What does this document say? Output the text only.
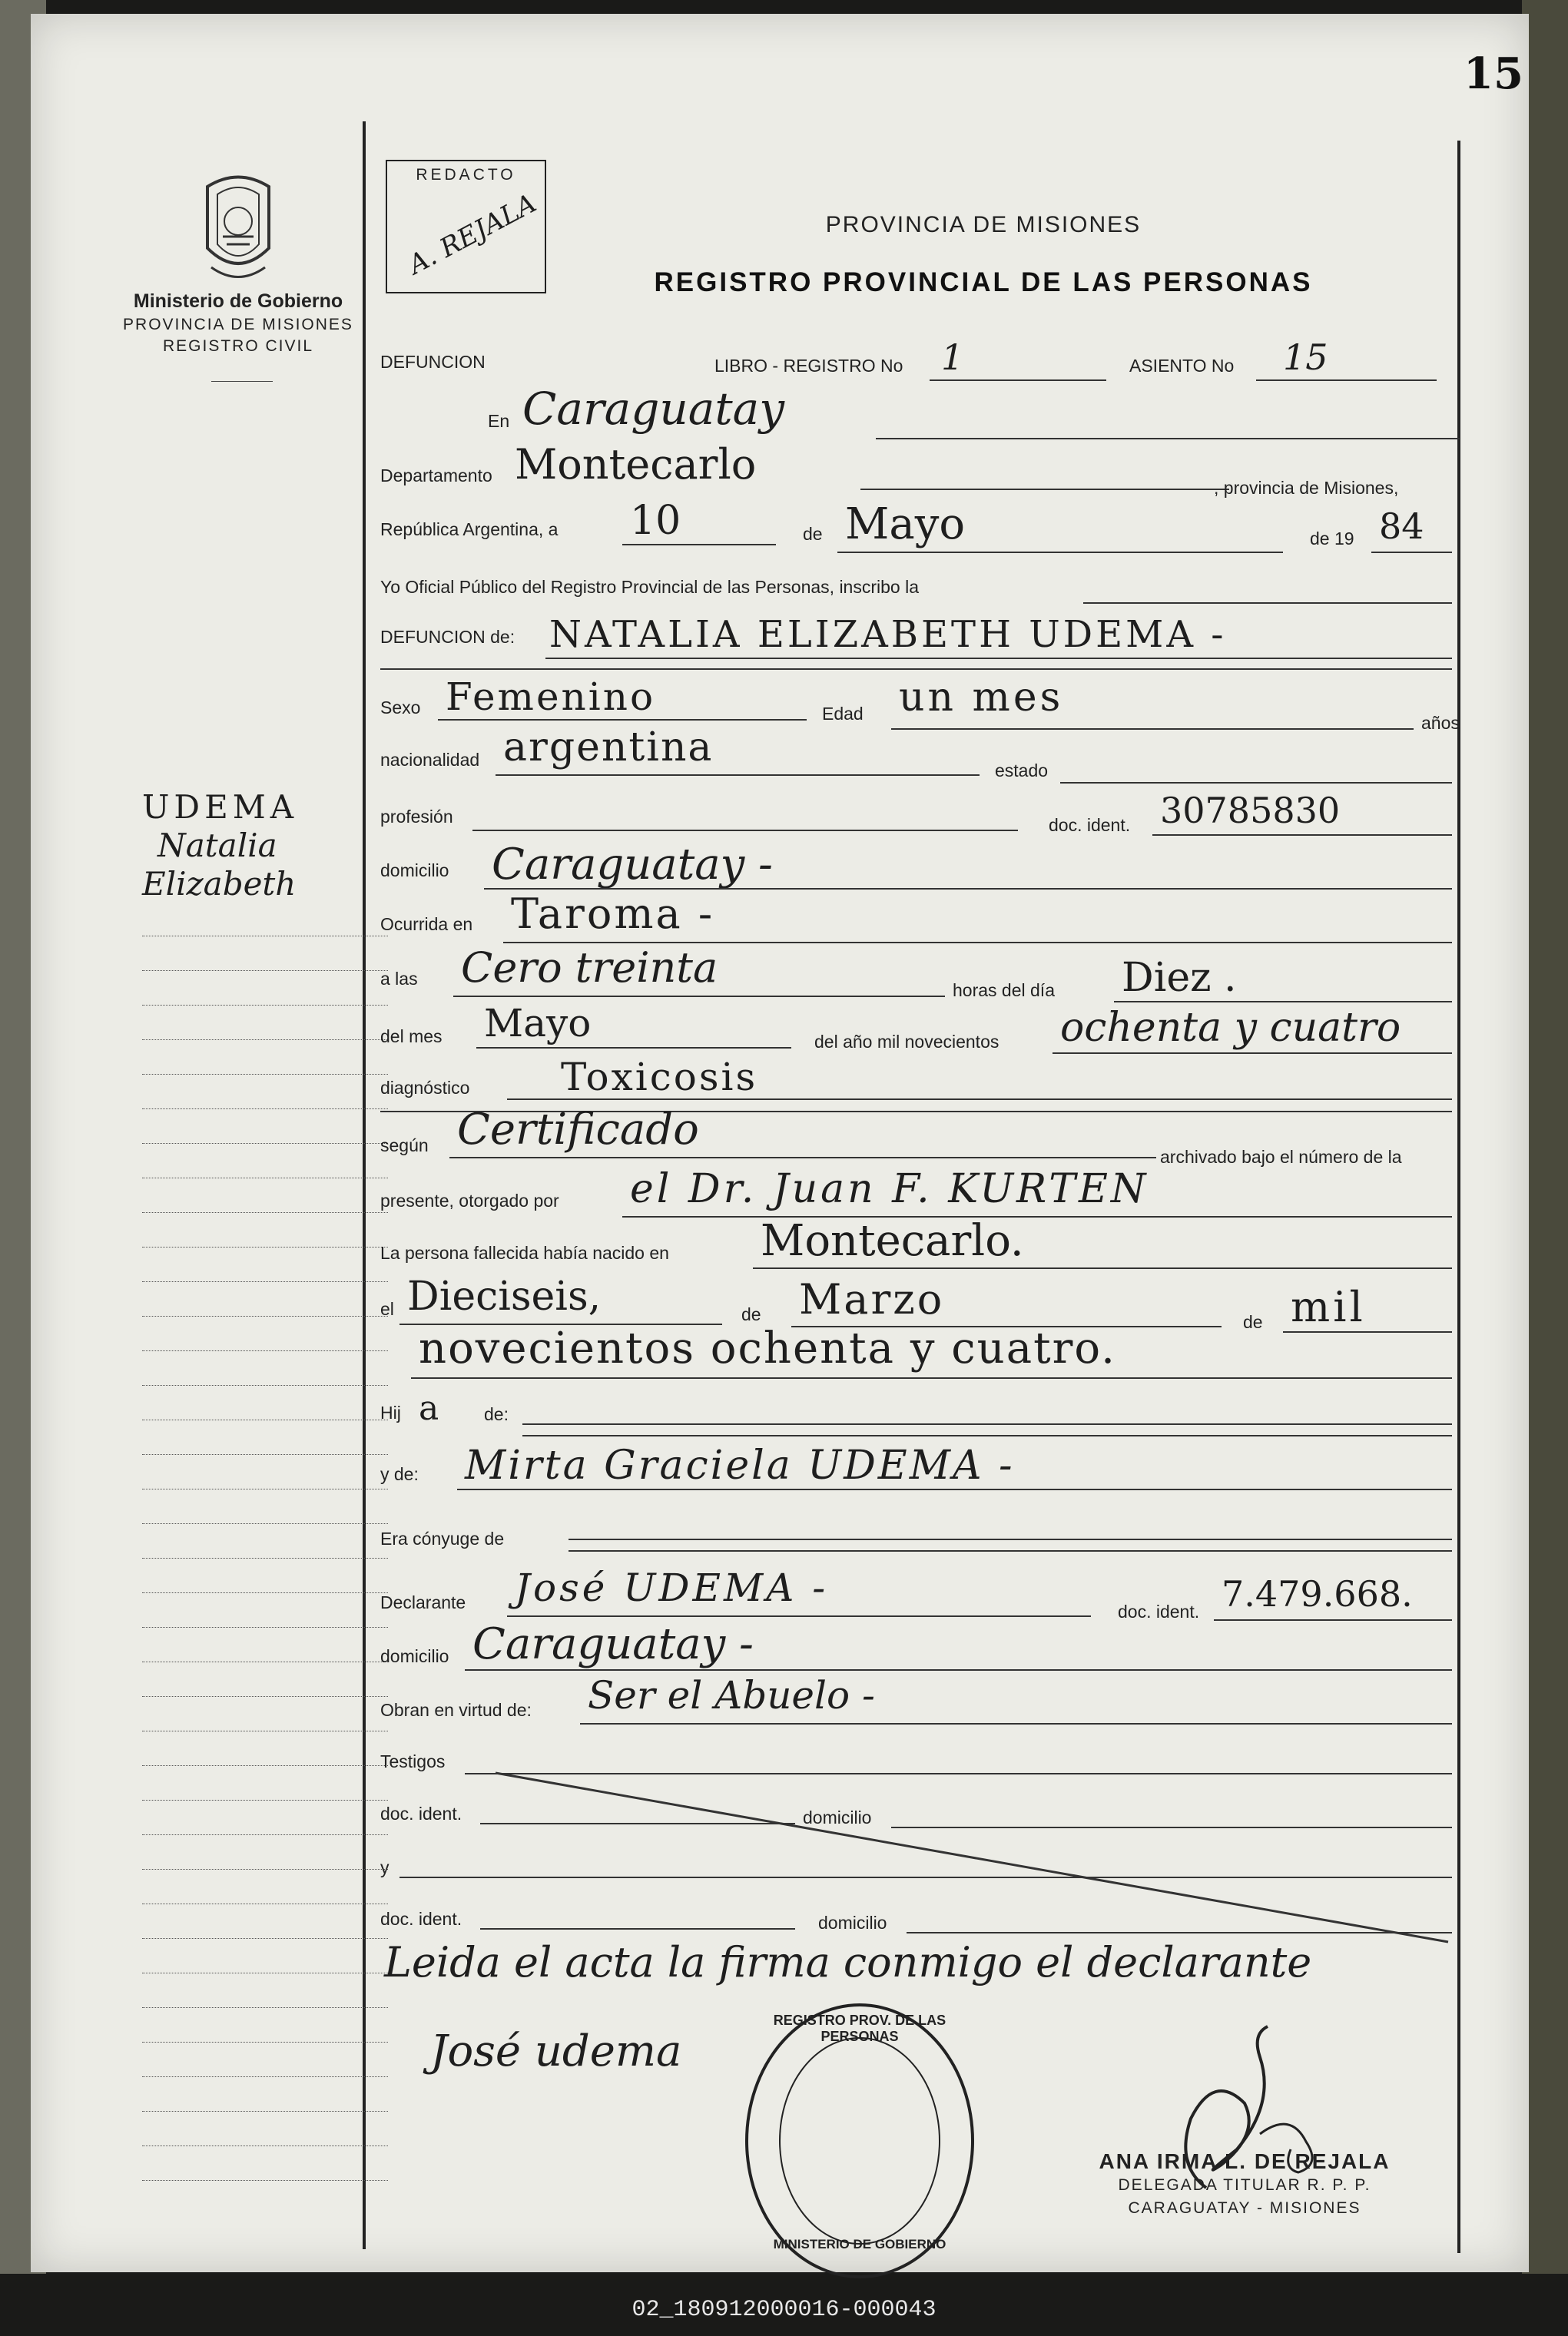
15
Ministerio de Gobierno
PROVINCIA DE MISIONES
REGISTRO CIVIL
REDACTO
A. REJALA	PROVINCIA DE MISIONES
REGISTRO PROVINCIAL DE LAS PERSONAS
UDEMA
Natalia
Elizabeth
DEFUNCION	LIBRO - REGISTRO No 1	ASIENTO No 15
En Caraguatay
Departamento Montecarlo	, provincia de Misiones,
República Argentina, a 10	de Mayo	de 19 84
Yo Oficial Público del Registro Provincial de las Personas, inscribo la
DEFUNCION de: NATALIA ELIZABETH UDEMA -
Sexo Femenino	Edad un mes
años
nacionalidad argentina	estado
profesión	doc. ident. 30785830
domicilio Caraguatay -
Ocurrida en Taroma -
a las Cero treinta	horas del día Diez .
del mes Mayo	del año mil novecientos ochenta y cuatro
diagnóstico Toxicosis
según Certificado
archivado bajo el número de la
presente, otorgado por el Dr. Juan F. KURTEN
La persona fallecida había nacido en Montecarlo.
el Dieciseis,	de Marzo	de mil
novecientos ochenta y cuatro.
Hij a	de:
y de: Mirta Graciela UDEMA -
Era cónyuge de
Declarante José UDEMA -
doc. ident. 7.479.668.
domicilio Caraguatay -
Obran en virtud de: Ser el Abuelo -
Testigos
doc. ident.	domicilio
y
doc. ident.	domicilio
Leida el acta la firma conmigo el declarante
José udema
REGISTRO PROV. DE LAS PERSONAS
MINISTERIO DE GOBIERNO
ANA IRMA L. DE REJALA
DELEGADA TITULAR R. P. P.
CARAGUATAY - MISIONES
02_180912000016-000043
